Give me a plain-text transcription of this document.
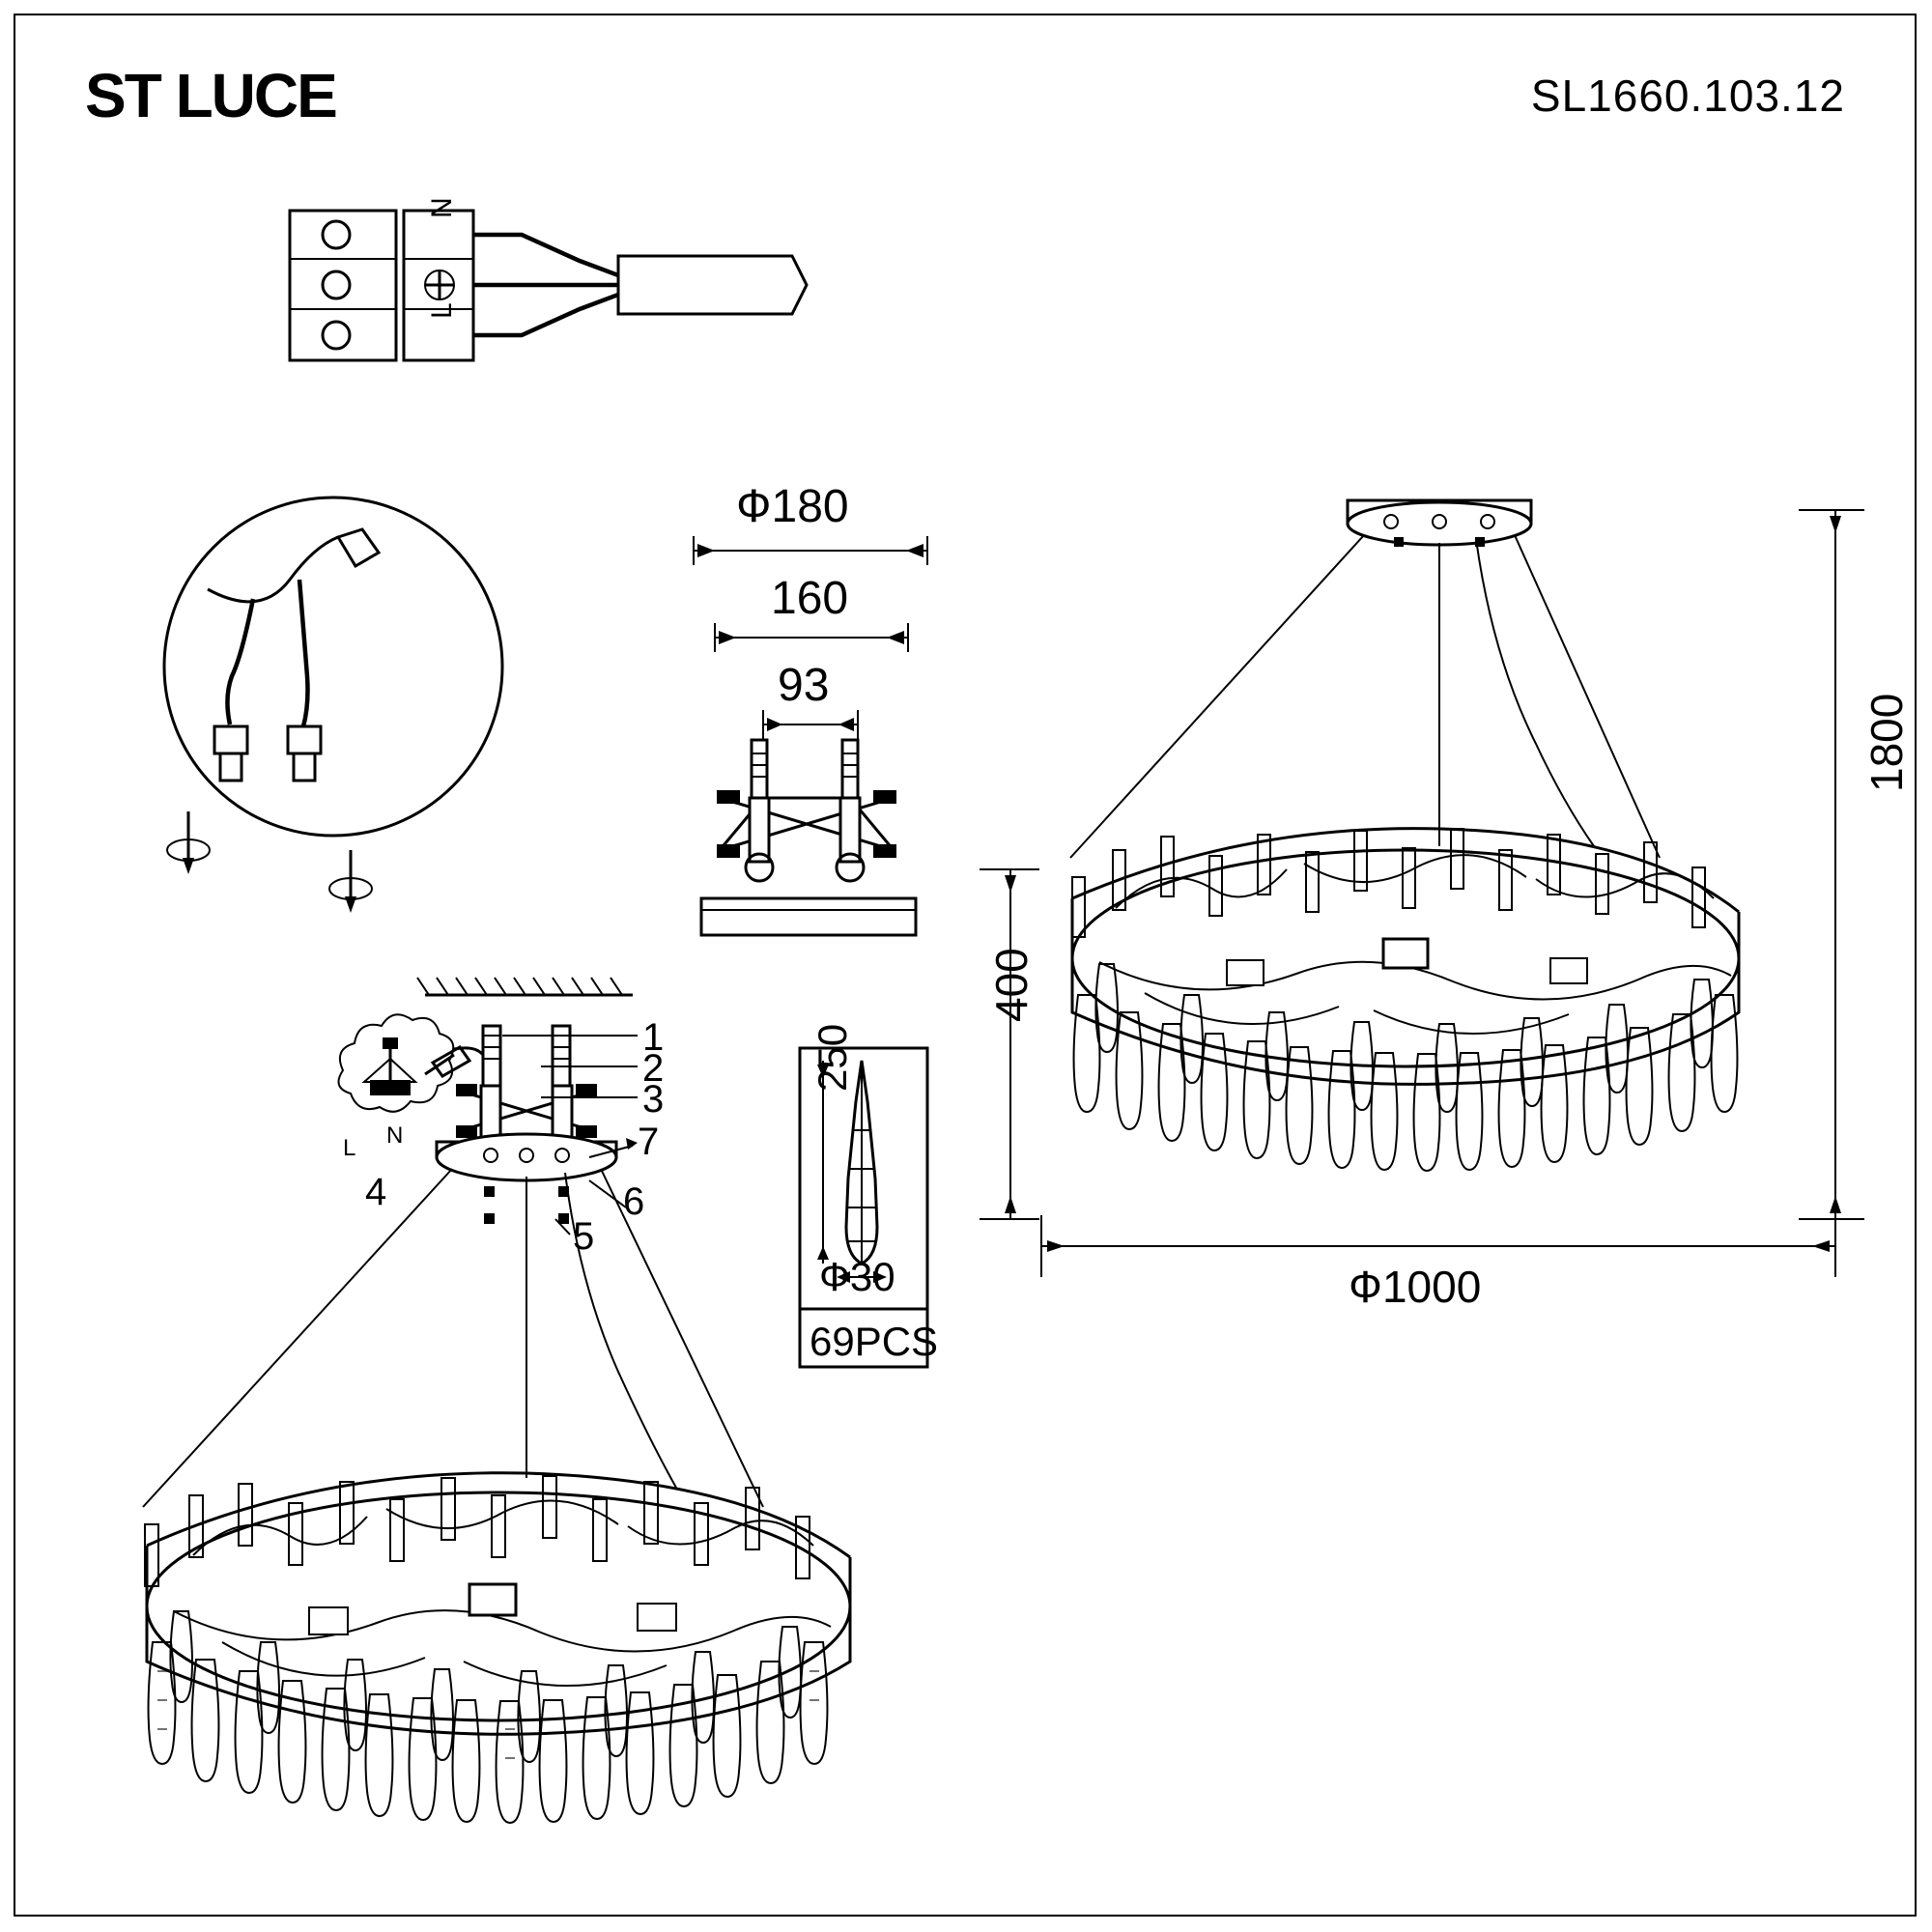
ST LUCE	SL1660.103.12
N
L
Ф180
160
93
250
Ф30
69PCS
1
2
3
4
5
6
7
L N
1800
400
Ф1000
